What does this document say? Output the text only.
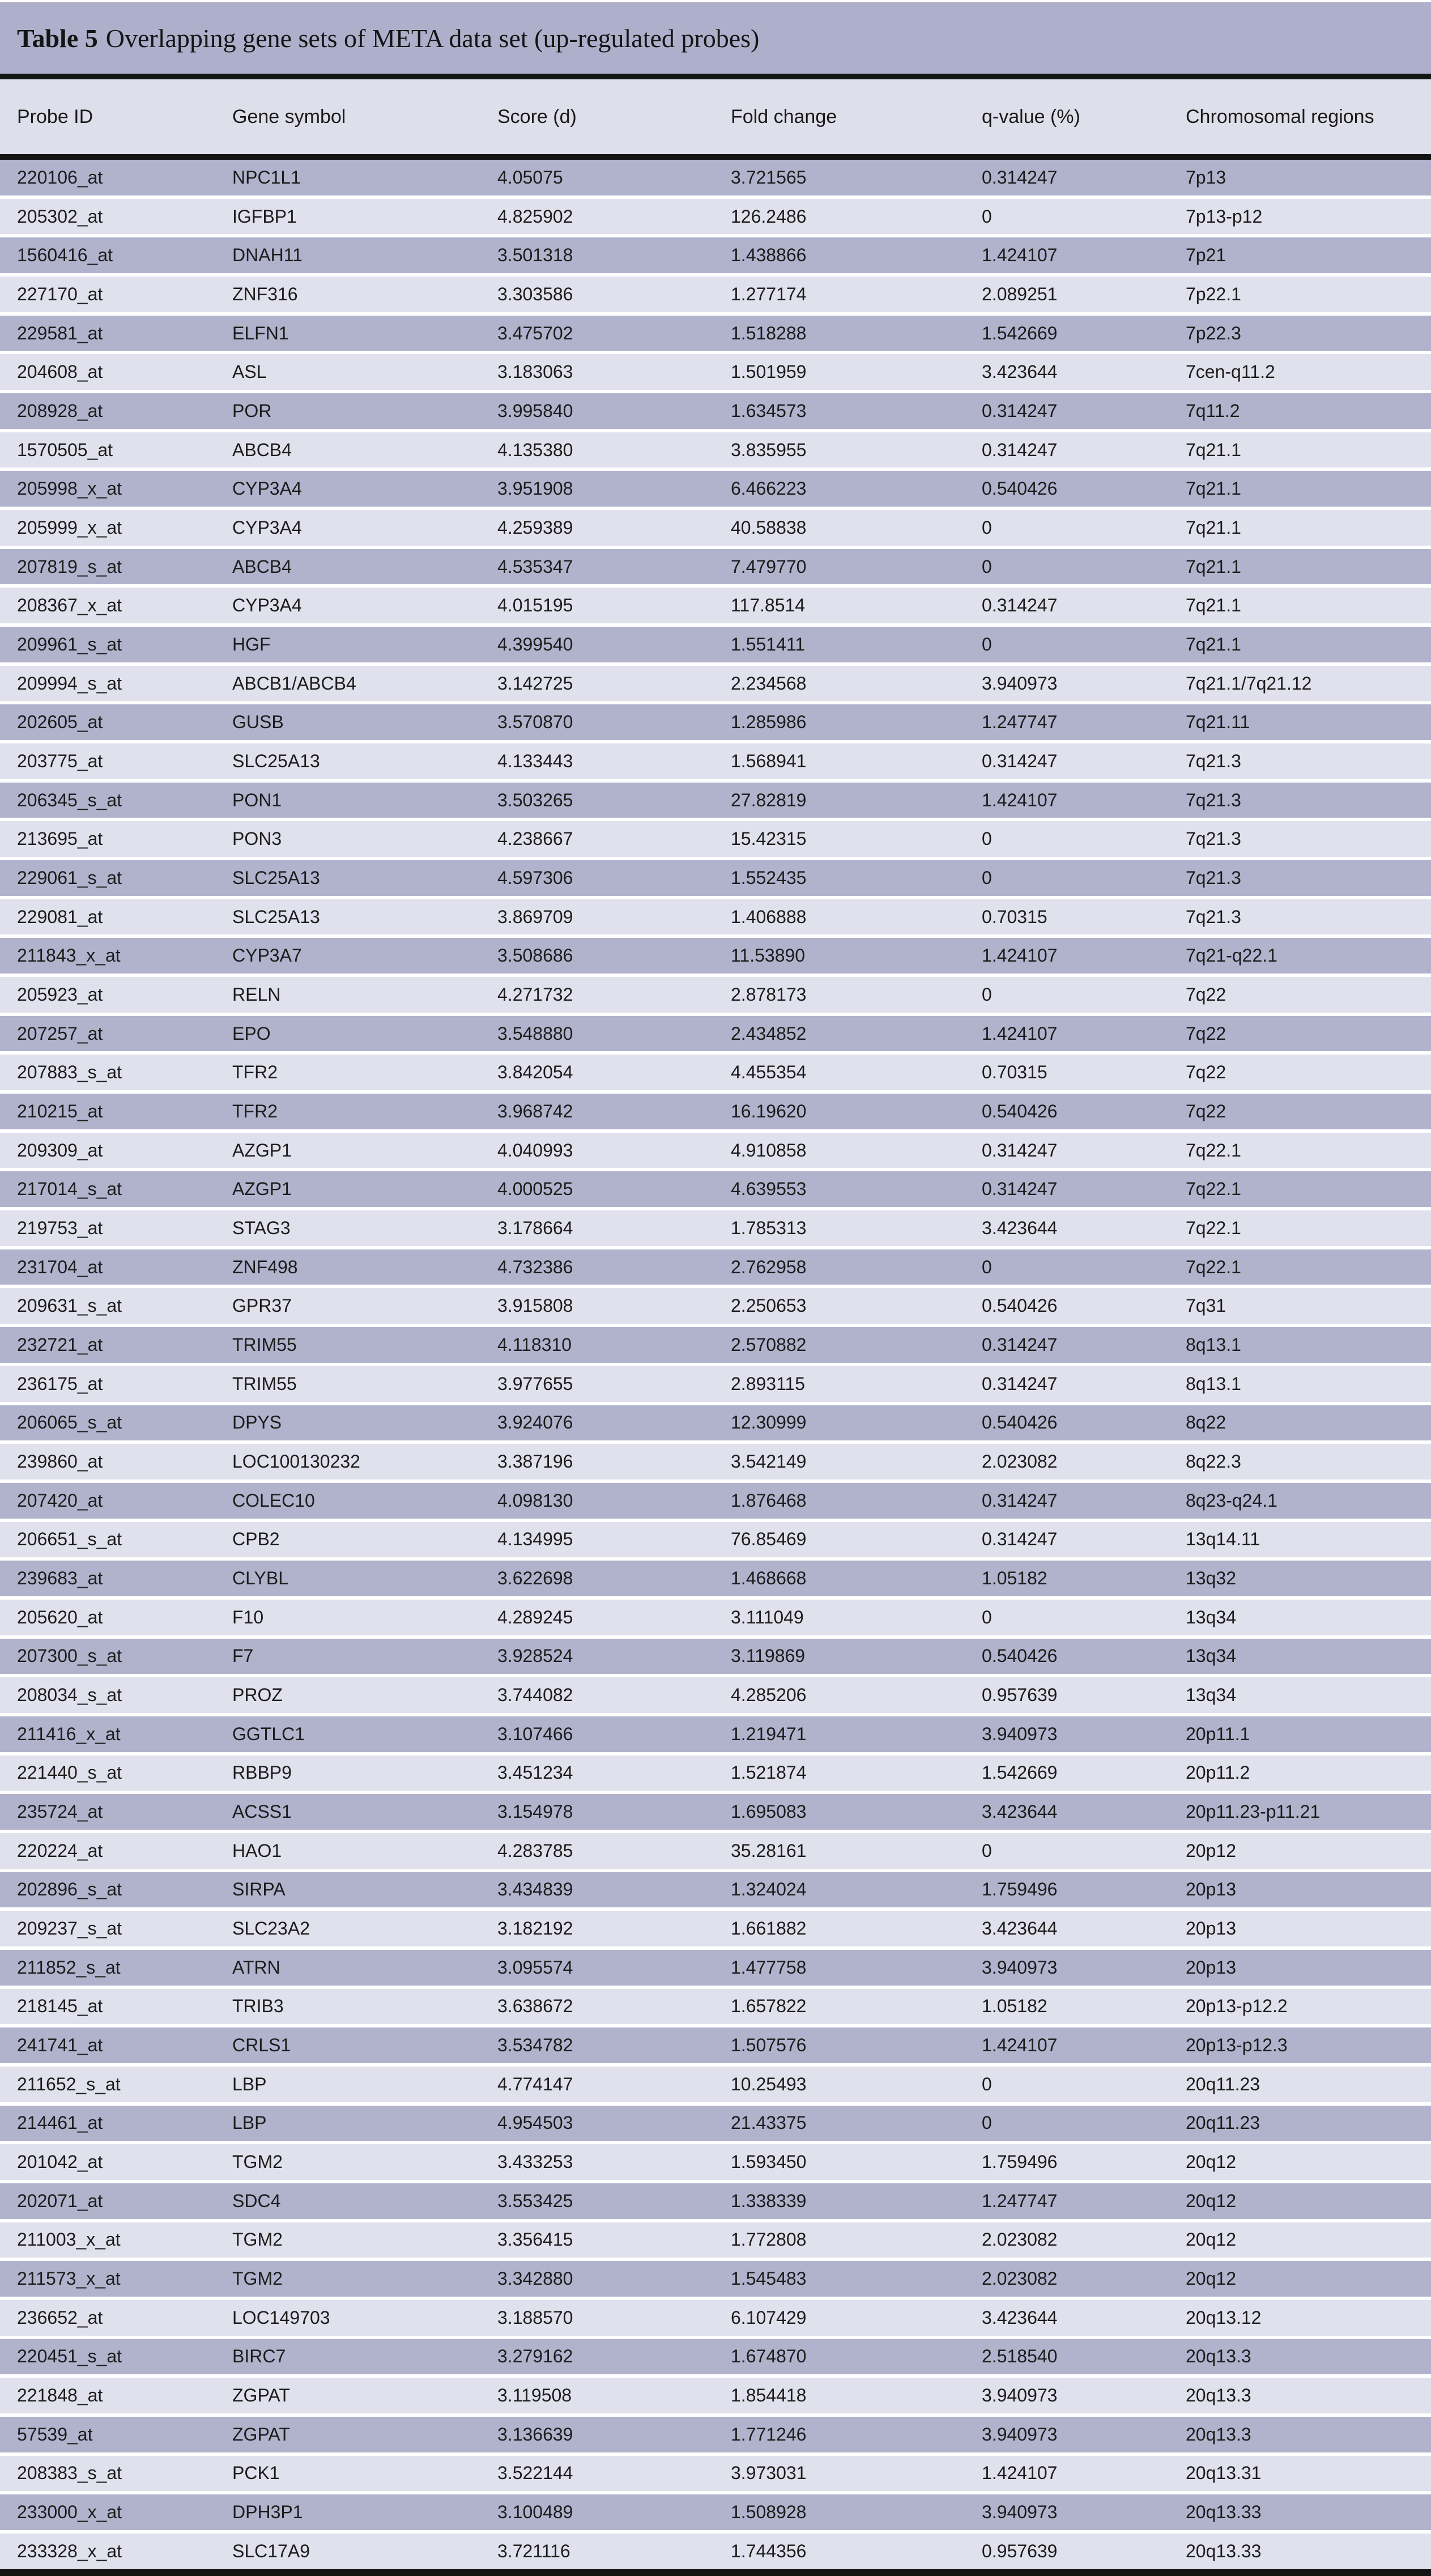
Table 5 Overlapping gene sets of META data set (up-regulated probes)
Probe ID	Gene symbol	Score (d)	Fold change	q-value (%)	Chromosomal regions
220106_at	NPC1L1	4.05075	3.721565	0.314247	7p13
205302_at	IGFBP1	4.825902	126.2486	0	7p13-p12
1560416_at	DNAH11	3.501318	1.438866	1.424107	7p21
227170_at	ZNF316	3.303586	1.277174	2.089251	7p22.1
229581_at	ELFN1	3.475702	1.518288	1.542669	7p22.3
204608_at	ASL	3.183063	1.501959	3.423644	7cen-q11.2
208928_at	POR	3.995840	1.634573	0.314247	7q11.2
1570505_at	ABCB4	4.135380	3.835955	0.314247	7q21.1
205998_x_at	CYP3A4	3.951908	6.466223	0.540426	7q21.1
205999_x_at	CYP3A4	4.259389	40.58838	0	7q21.1
207819_s_at	ABCB4	4.535347	7.479770	0	7q21.1
208367_x_at	CYP3A4	4.015195	117.8514	0.314247	7q21.1
209961_s_at	HGF	4.399540	1.551411	0	7q21.1
209994_s_at	ABCB1/ABCB4	3.142725	2.234568	3.940973	7q21.1/7q21.12
202605_at	GUSB	3.570870	1.285986	1.247747	7q21.11
203775_at	SLC25A13	4.133443	1.568941	0.314247	7q21.3
206345_s_at	PON1	3.503265	27.82819	1.424107	7q21.3
213695_at	PON3	4.238667	15.42315	0	7q21.3
229061_s_at	SLC25A13	4.597306	1.552435	0	7q21.3
229081_at	SLC25A13	3.869709	1.406888	0.70315	7q21.3
211843_x_at	CYP3A7	3.508686	11.53890	1.424107	7q21-q22.1
205923_at	RELN	4.271732	2.878173	0	7q22
207257_at	EPO	3.548880	2.434852	1.424107	7q22
207883_s_at	TFR2	3.842054	4.455354	0.70315	7q22
210215_at	TFR2	3.968742	16.19620	0.540426	7q22
209309_at	AZGP1	4.040993	4.910858	0.314247	7q22.1
217014_s_at	AZGP1	4.000525	4.639553	0.314247	7q22.1
219753_at	STAG3	3.178664	1.785313	3.423644	7q22.1
231704_at	ZNF498	4.732386	2.762958	0	7q22.1
209631_s_at	GPR37	3.915808	2.250653	0.540426	7q31
232721_at	TRIM55	4.118310	2.570882	0.314247	8q13.1
236175_at	TRIM55	3.977655	2.893115	0.314247	8q13.1
206065_s_at	DPYS	3.924076	12.30999	0.540426	8q22
239860_at	LOC100130232	3.387196	3.542149	2.023082	8q22.3
207420_at	COLEC10	4.098130	1.876468	0.314247	8q23-q24.1
206651_s_at	CPB2	4.134995	76.85469	0.314247	13q14.11
239683_at	CLYBL	3.622698	1.468668	1.05182	13q32
205620_at	F10	4.289245	3.111049	0	13q34
207300_s_at	F7	3.928524	3.119869	0.540426	13q34
208034_s_at	PROZ	3.744082	4.285206	0.957639	13q34
211416_x_at	GGTLC1	3.107466	1.219471	3.940973	20p11.1
221440_s_at	RBBP9	3.451234	1.521874	1.542669	20p11.2
235724_at	ACSS1	3.154978	1.695083	3.423644	20p11.23-p11.21
220224_at	HAO1	4.283785	35.28161	0	20p12
202896_s_at	SIRPA	3.434839	1.324024	1.759496	20p13
209237_s_at	SLC23A2	3.182192	1.661882	3.423644	20p13
211852_s_at	ATRN	3.095574	1.477758	3.940973	20p13
218145_at	TRIB3	3.638672	1.657822	1.05182	20p13-p12.2
241741_at	CRLS1	3.534782	1.507576	1.424107	20p13-p12.3
211652_s_at	LBP	4.774147	10.25493	0	20q11.23
214461_at	LBP	4.954503	21.43375	0	20q11.23
201042_at	TGM2	3.433253	1.593450	1.759496	20q12
202071_at	SDC4	3.553425	1.338339	1.247747	20q12
211003_x_at	TGM2	3.356415	1.772808	2.023082	20q12
211573_x_at	TGM2	3.342880	1.545483	2.023082	20q12
236652_at	LOC149703	3.188570	6.107429	3.423644	20q13.12
220451_s_at	BIRC7	3.279162	1.674870	2.518540	20q13.3
221848_at	ZGPAT	3.119508	1.854418	3.940973	20q13.3
57539_at	ZGPAT	3.136639	1.771246	3.940973	20q13.3
208383_s_at	PCK1	3.522144	3.973031	1.424107	20q13.31
233000_x_at	DPH3P1	3.100489	1.508928	3.940973	20q13.33
233328_x_at	SLC17A9	3.721116	1.744356	0.957639	20q13.33
